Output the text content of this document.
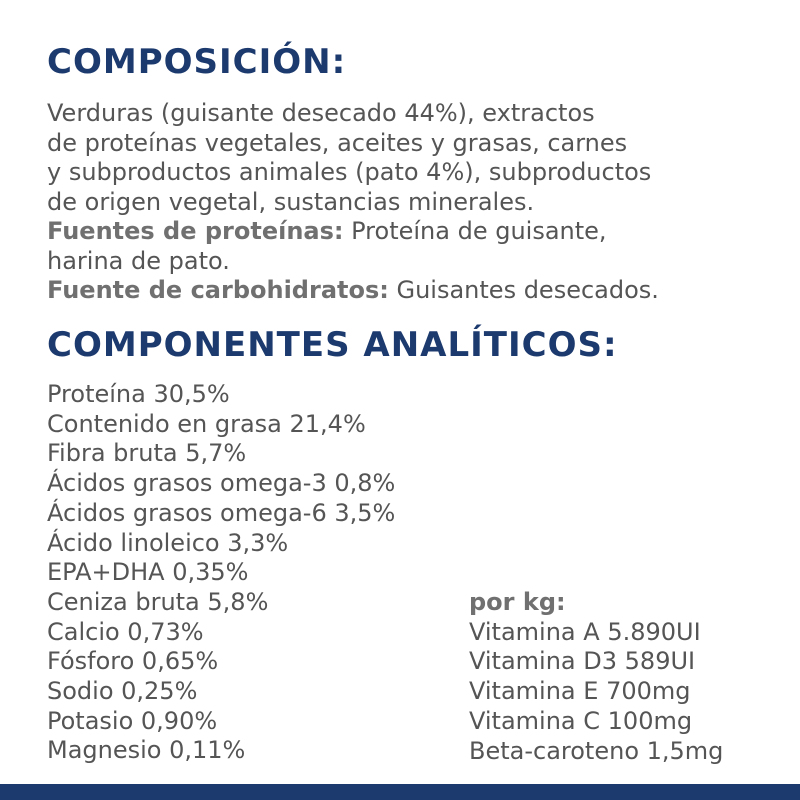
COMPOSICIÓN:
Verduras (guisante desecado 44%), extractos
de proteínas vegetales, aceites y grasas, carnes
y subproductos animales (pato 4%), subproductos
de origen vegetal, sustancias minerales.
Fuentes de proteínas: Proteína de guisante,
harina de pato.
Fuente de carbohidratos: Guisantes desecados.
COMPONENTES ANALÍTICOS:
Proteína 30,5%
Contenido en grasa 21,4%
Fibra bruta 5,7%
Ácidos grasos omega-3 0,8%
Ácidos grasos omega-6 3,5%
Ácido linoleico 3,3%
EPA+DHA 0,35%
Ceniza bruta 5,8%
Calcio 0,73%
Fósforo 0,65%
Sodio 0,25%
Potasio 0,90%
Magnesio 0,11%
por kg:
Vitamina A 5.890UI
Vitamina D3 589UI
Vitamina E 700mg
Vitamina C 100mg
Beta-caroteno 1,5mg
